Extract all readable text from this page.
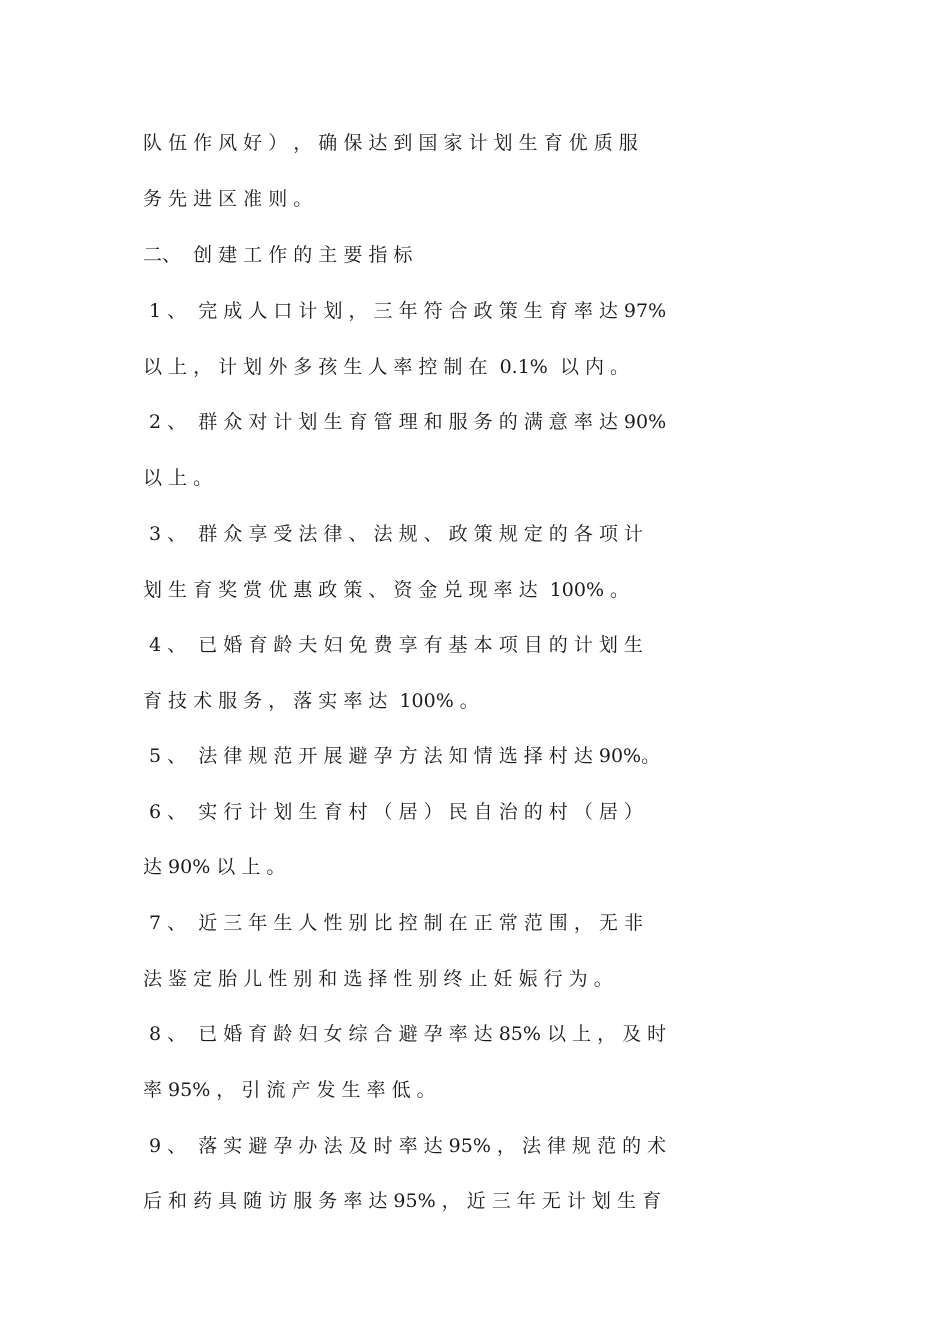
队 伍 作 风 好 ） ， 确 保 达 到 国 家 计 划 生 育 优 质 服
务 先 进 区 准 则 。
二、  创 建 工 作 的 主 要 指 标
1 、  完 成 人 口 计 划 ， 三 年 符 合 政 策 生 育 率 达 97%
以 上 ， 计 划 外 多 孩 生 人 率 控 制 在  0.1%  以 内 。
2 、  群 众 对 计 划 生 育 管 理 和 服 务 的 满 意 率 达 90%
以 上 。
3 、  群 众 享 受 法 律 、 法 规 、 政 策 规 定 的 各 项 计
划 生 育 奖 赏 优 惠 政 策 、 资 金 兑 现 率 达  100% 。
4 、  已 婚 育 龄 夫 妇 免 费 享 有 基 本 项 目 的 计 划 生
育 技 术 服 务 ， 落 实 率 达  100% 。
5 、  法 律 规 范 开 展 避 孕 方 法 知 情 选 择 村 达 90%。
6 、  实 行 计 划 生 育 村 （ 居 ） 民 自 治 的 村 （ 居 ）
达 90% 以 上 。
7 、  近 三 年 生 人 性 别 比 控 制 在 正 常 范 围 ， 无 非
法 鉴 定 胎 儿 性 别 和 选 择 性 别 终 止 妊 娠 行 为 。
8 、  已 婚 育 龄 妇 女 综 合 避 孕 率 达 85% 以 上 ， 及 时
率 95% ， 引 流 产 发 生 率 低 。
9 、  落 实 避 孕 办 法 及 时 率 达 95% ， 法 律 规 范 的 术
后 和 药 具 随 访 服 务 率 达 95% ， 近 三 年 无 计 划 生 育
